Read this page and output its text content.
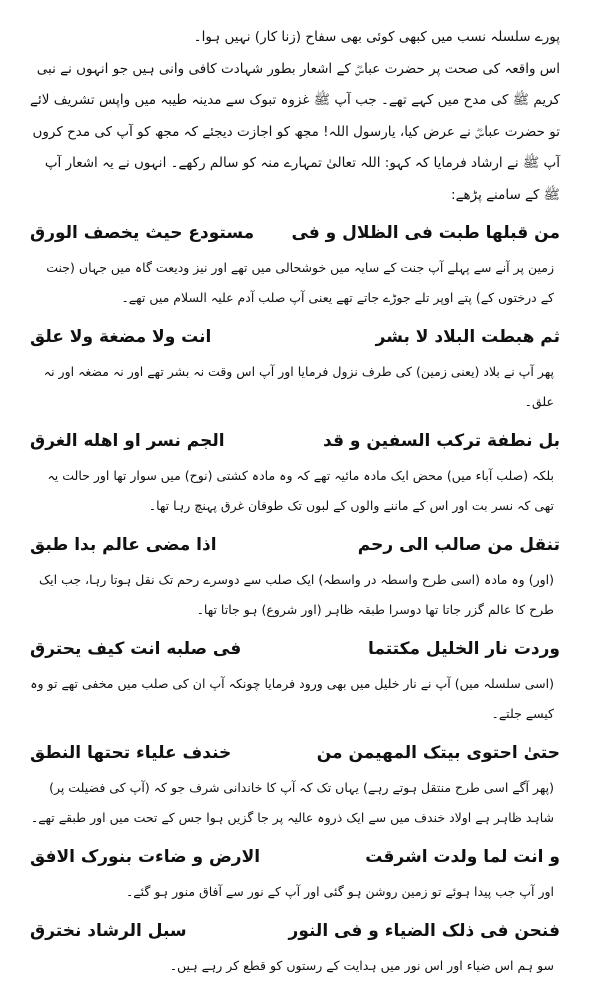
پورے سلسلہ نسب میں کبھی کوئی بھی سفاح (زنا کار) نہیں ہوا۔

اس واقعہ کی صحت پر حضرت عباسؓ کے اشعار بطور شہادت کافی وانی ہیں جو انہوں نے نبی کریم ﷺ کی مدح میں کہے تھے۔ جب آپ ﷺ غزوہ تبوک سے مدینہ طیبہ میں واپس تشریف لائے تو حضرت عباسؓ نے عرض کیا، یارسول اللہ! مجھ کو اجازت دیجئے کہ مجھ کو آپ کی مدح کروں آپ ﷺ نے ارشاد فرمایا کہ کہو: اللہ تعالیٰ تمہارے منہ کو سالم رکھے۔ انہوں نے یہ اشعار آپ ﷺ کے سامنے پڑھے:

من قبلها طبت فی الظلال و فی
مستودع حیث یخصف الورق

زمین پر آنے سے پہلے آپ جنت کے سایہ میں خوشحالی میں تھے اور نیز ودیعت گاہ میں جہاں (جنت کے درختوں کے) پتے اوپر تلے جوڑے جاتے تھے یعنی آپ صلب آدم علیہ السلام میں تھے۔

ثم ھبطت البلاد لا بشر
انت ولا مضغة ولا علق

پھر آپ نے بلاد (یعنی زمین) کی طرف نزول فرمایا اور آپ اس وقت نہ بشر تھے اور نہ مضغہ اور نہ علق۔

بل نطفة ترکب السفین و قد
الجم نسر او اھله الغرق

بلکہ (صلب آباء میں) محض ایک مادہ مائیہ تھے کہ وہ مادہ کشتی (نوح) میں سوار تھا اور حالت یہ تھی کہ نسر بت اور اس کے ماننے والوں کے لبوں تک طوفان غرق پہنچ رہا تھا۔

تنقل من صالب الی رحم
اذا مضی عالم بدا طبق

(اور) وہ مادہ (اسی طرح واسطہ در واسطہ) ایک صلب سے دوسرے رحم تک نقل ہوتا رہا، جب ایک طرح کا عالم گزر جاتا تھا دوسرا طبقہ ظاہر (اور شروع) ہو جاتا تھا۔

وردت نار الخلیل مکتتما
فی صلبه انت کیف یحترق

(اسی سلسلہ میں) آپ نے نار خلیل میں بھی ورود فرمایا چونکہ آپ ان کی صلب میں مخفی تھے تو وہ کیسے جلتے۔

حتیٰ احتوی بیتک المھیمن من
خندف علیاء تحتھا النطق

(پھر آگے اسی طرح منتقل ہوتے رہے) یہاں تک کہ آپ کا خاندانی شرف جو کہ (آپ کی فضیلت پر) شاہد ظاہر ہے اولاد خندف میں سے ایک ذروہ عالیہ پر جا گزیں ہوا جس کے تحت میں اور طبقے تھے۔

و انت لما ولدت اشرقت
الارض و ضاءت بنورک الافق

اور آپ جب پیدا ہوئے تو زمین روشن ہو گئی اور آپ کے نور سے آفاق منور ہو گئے۔

فنحن فی ذلک الضیاء و فی النور
سبل الرشاد نخترق

سو ہم اس ضیاء اور اس نور میں ہدایت کے رستوں کو قطع کر رہے ہیں۔
